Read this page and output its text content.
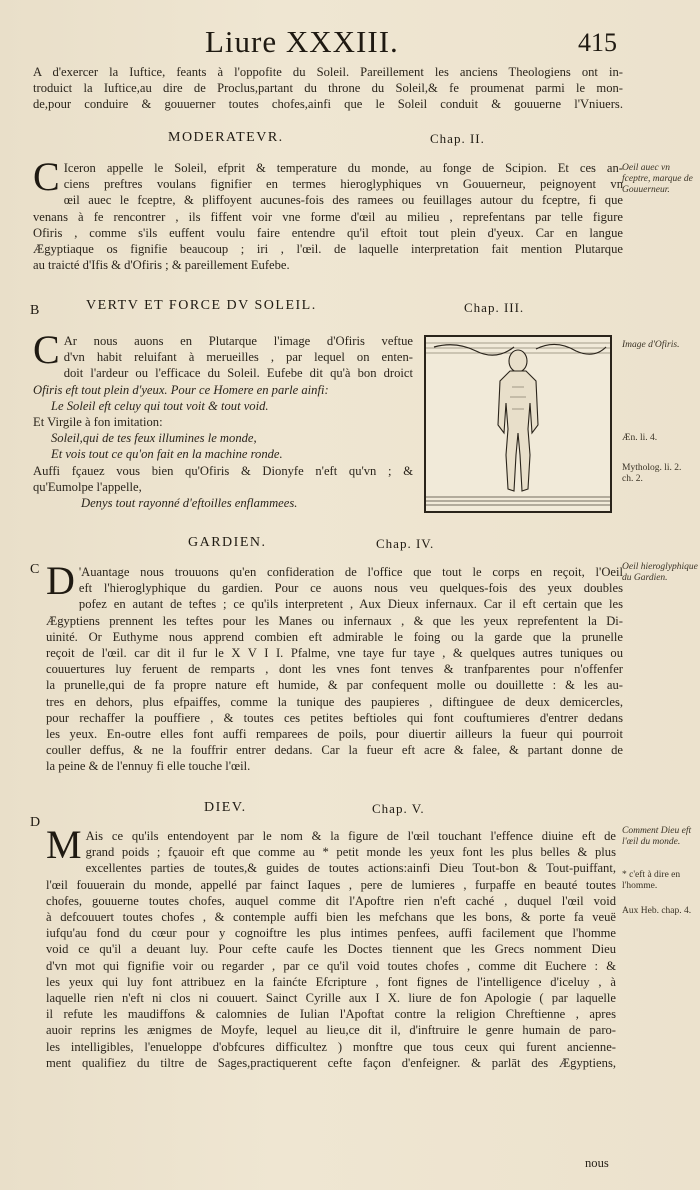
Liure XXXIII.	415
A d'exercer la Iuftice, feants à l'oppofite du Soleil. Pareillement les anciens Theologiens ont in-
troduict la Iuftice,au dire de Proclus,partant du throne du Soleil,& fe proumenat parmi le mon-
de,pour conduire & gouuerner toutes chofes,ainfi que le Soleil conduit & gouuerne l'Vniuers.
MODERATEVR.	Chap. II.
C Iceron appelle le Soleil, efprit & temperature du monde, au fonge de Scipion. Et ces an-
ciens preftres voulans fignifier en termes hieroglyphiques vn Gouuerneur, peignoyent vn
œil auec le fceptre, & pliffoyent aucunes-fois des ramees ou feuillages autour du fceptre, fi que
venans à fe rencontrer , ils fiffent voir vne forme d'œil au milieu , reprefentans par telle figure
Ofiris , comme s'ils euffent voulu faire entendre qu'il eftoit tout plein d'yeux. Car en langue
Ægyptiaque os fignifie beaucoup ; iri , l'œil. de laquelle interpretation fait mention Plutarque
au traicté d'Ifis & d'Ofiris ; & pareillement Eufebe.
Oeil auec vn fceptre, marque de Gouuerneur.
B	VERTV ET FORCE DV SOLEIL.	Chap. III.
C Ar nous auons en Plutarque l'image d'Ofiris veftue
d'vn habit reluifant à merueilles , par lequel on enten-
doit l'ardeur ou l'efficace du Soleil. Eufebe dit qu'à bon droict
Ofiris eft tout plein d'yeux. Pour ce Homere en parle ainfi:
Le Soleil eft celuy qui tout voit & tout void.
Et Virgile à fon imitation:
Soleil,qui de tes feux illumines le monde,
Et vois tout ce qu'on fait en la machine ronde.
Auffi fçauez vous bien qu'Ofiris & Dionyfe n'eft qu'vn ; &
qu'Eumolpe l'appelle,
Denys tout rayonné d'eftoilles enflammees.
Image d'Ofiris.
Æn. li. 4.
Mytholog. li. 2. ch. 2.
GARDIEN.	Chap. IV.
C D 'Auantage nous trouuons qu'en confideration de l'office que tout le corps en reçoit, l'Oeil
eft l'hieroglyphique du gardien. Pour ce auons nous veu quelques-fois des yeux doubles
pofez en autant de teftes ; ce qu'ils interpretent , Aux Dieux infernaux. Car il eft certain que les
Ægyptiens prennent les teftes pour les Manes ou infernaux , & que les yeux reprefentent la Di-
uinité. Or Euthyme nous apprend combien eft admirable le foing ou la garde que la prunelle
reçoit de l'œil. car dit il fur le X V I I. Pfalme, vne taye fur taye , & quelques autres tuniques ou
couuertures luy feruent de remparts , dont les vnes font tenves & tranfparentes pour n'offenfer
la prunelle,qui de fa propre nature eft humide, & par confequent molle ou douillette : & les au-
tres en dehors, plus efpaiffes, comme la tunique des paupieres , diftinguee de deux demicercles,
pour rechaffer la pouffiere , & toutes ces petites beftioles qui font couftumieres d'entrer dedans
les yeux. En-outre elles font auffi remparees de poils, pour diuertir ailleurs la fueur qui pourroit
couller deffus, & ne la fouffrir entrer dedans. Car la fueur eft acre & falee, & partant donne de
la peine & de l'ennuy fi elle touche l'œil.
Oeil hieroglyphique du Gardien.
DIEV.	Chap. V.
D M Ais ce qu'ils entendoyent par le nom & la figure de l'œil touchant l'effence diuine eft de
grand poids ; fçauoir eft que comme au * petit monde les yeux font les plus belles & plus
excellentes parties de toutes,& guides de toutes actions:ainfi Dieu Tout-bon & Tout-puiffant,
l'œil fouuerain du monde, appellé par fainct Iaques , pere de lumieres , furpaffe en beauté toutes
chofes, gouuerne toutes chofes, auquel comme dit l'Apoftre rien n'eft caché , duquel l'œil void
à defcouuert toutes chofes , & contemple auffi bien les mefchans que les bons, & porte fa veuë
iufqu'au fond du cœur pour y cognoiftre les plus intimes penfees, auffi facilement que l'homme
void ce qu'il a deuant luy. Pour cefte caufe les Doctes tiennent que les Grecs nomment Dieu
d'vn mot qui fignifie voir ou regarder , par ce qu'il void toutes chofes , comme dit Euchere : &
les yeux qui luy font attribuez en la fainćte Efcripture , font fignes de l'intelligence d'iceluy , à
laquelle rien n'eft ni clos ni couuert. Sainct Cyrille aux I X. liure de fon Apologie ( par laquelle
il refute les maudiffons & calomnies de Iulian l'Apoftat contre la religion Chreftienne , apres
auoir reprins les ænigmes de Moyfe, lequel au lieu,ce dit il, d'inftruire le genre humain de paro-
les intelligibles, l'enueloppe d'obfcures difficultez ) monftre que tous ceux qui furent ancienne-
ment qualifiez du tiltre de Sages,practiquerent cefte façon d'enfeigner. & parlāt des Ægyptiens,
Comment Dieu eft l'œil du monde.
* c'eft à dire en l'homme.
Aux Heb. chap. 4.
nous
